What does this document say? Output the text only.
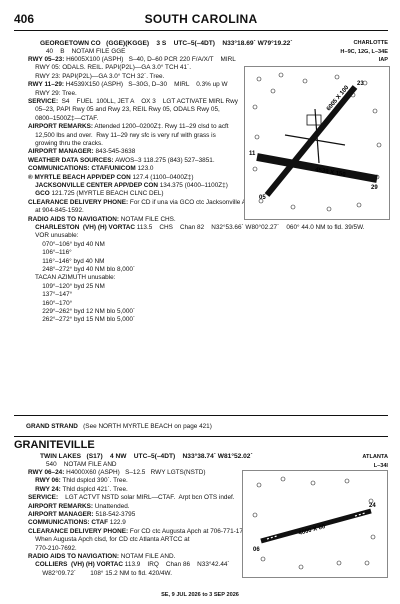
406	SOUTH CAROLINA
GEORGETOWN CO   (GGE)(KGGE)    3 S    UTC–5(–4DT)    N33°18.69´ W79°19.22´	CHARLOTTE
40    B    NOTAM FILE GGE	H–9C, 12G, L–34E
IAP
RWY 05–23: H6005X100 (ASPH)   S–40, D–60 PCR 220 F/A/X/T    MIRL
RWY 05: ODALS. REIL. PAPI(P2L)—GA 3.0° TCH 41´.
RWY 23: PAPI(P2L)—GA 3.0° TCH 32´. Tree.
RWY 11–29: H4539X150 (ASPH)   S–30G, D–30    MIRL    0.3% up W
RWY 29: Tree.
SERVICE:  S4    FUEL  100LL, JET A    OX 3    LGT ACTIVATE MIRL Rwy
05–23, PAPI Rwy 05 and Rwy 23, REIL Rwy 05, ODALS Rwy 05,
0800–1500Z‡—CTAF.
AIRPORT REMARKS: Attended 1200–0200Z‡. Rwy 11–29 clsd to acft
12,500 lbs and over.  Rwy 11–29 rwy sfc is very ruf with grass is
growing thru the cracks.
AIRPORT MANAGER: 843-545-3638
WEATHER DATA SOURCES: AWOS–3 118.275 (843) 527–3851.
COMMUNICATIONS: CTAF/UNICOM 123.0
® MYRTLE BEACH APP/DEP CON 127.4 (1100–0400Z‡)
JACKSONVILLE CENTER APP/DEP CON 134.375 (0400–1100Z‡)
GCO 121.725 (MYRTLE BEACH CLNC DEL)
CLEARANCE DELIVERY PHONE: For CD if una via GCO ctc Jacksonville ARTCC
at 904-845-1592.
RADIO AIDS TO NAVIGATION: NOTAM FILE CHS.
CHARLESTON  (VH) (H) VORTAC 113.5    CHS    Chan 82    N32°53.66´ W80°02.27´    060° 44.0 NM to fld. 39/5W.
VOR unusable:
070°–106° byd 40 NM
106°–116°
116°–146° byd 40 NM
248°–272° byd 40 NM blo 8,000´
TACAN AZIMUTH unusable:
109°–120° byd 25 NM
137°–147°
160°–170°
229°–262° byd 12 NM blo 5,000´
262°–272° byd 15 NM blo 5,000´
6005 X 100
4539 X 150
05
23
11
29
GRAND STRAND (See NORTH MYRTLE BEACH on page 421)
GRANITEVILLE
TWIN LAKES   (S17)    4 NW    UTC–5(–4DT)    N33°38.74´ W81°52.02´	ATLANTA
540    NOTAM FILE AND	L–34I
RWY 06–24: H4000X60 (ASPH)   S–12.5   RWY LGTS(NSTD)
RWY 06: Thld dsplcd 390´. Tree.
RWY 24: Thld dsplcd 421´. Tree.
SERVICE:    LGT ACTVT NSTD solar MIRL—CTAF.  Arpt bcn OTS indef.
AIRPORT REMARKS: Unattended.
AIRPORT MANAGER: 518-542-3795
COMMUNICATIONS: CTAF 122.9
CLEARANCE DELIVERY PHONE: For CD ctc Augusta Apch at 706-771-1777.
When Augusta Apch clsd, for CD ctc Atlanta ARTCC at
770-210-7692.
RADIO AIDS TO NAVIGATION: NOTAM FILE AND.
COLLIERS  (VH) (H) VORTAC 113.9    IRQ    Chan 86    N33°42.44´
W82°09.72´        108° 15.2 NM to fld. 420/4W.
4000 X 60
06
24
SE, 9 JUL 2026 to 3 SEP 2026
